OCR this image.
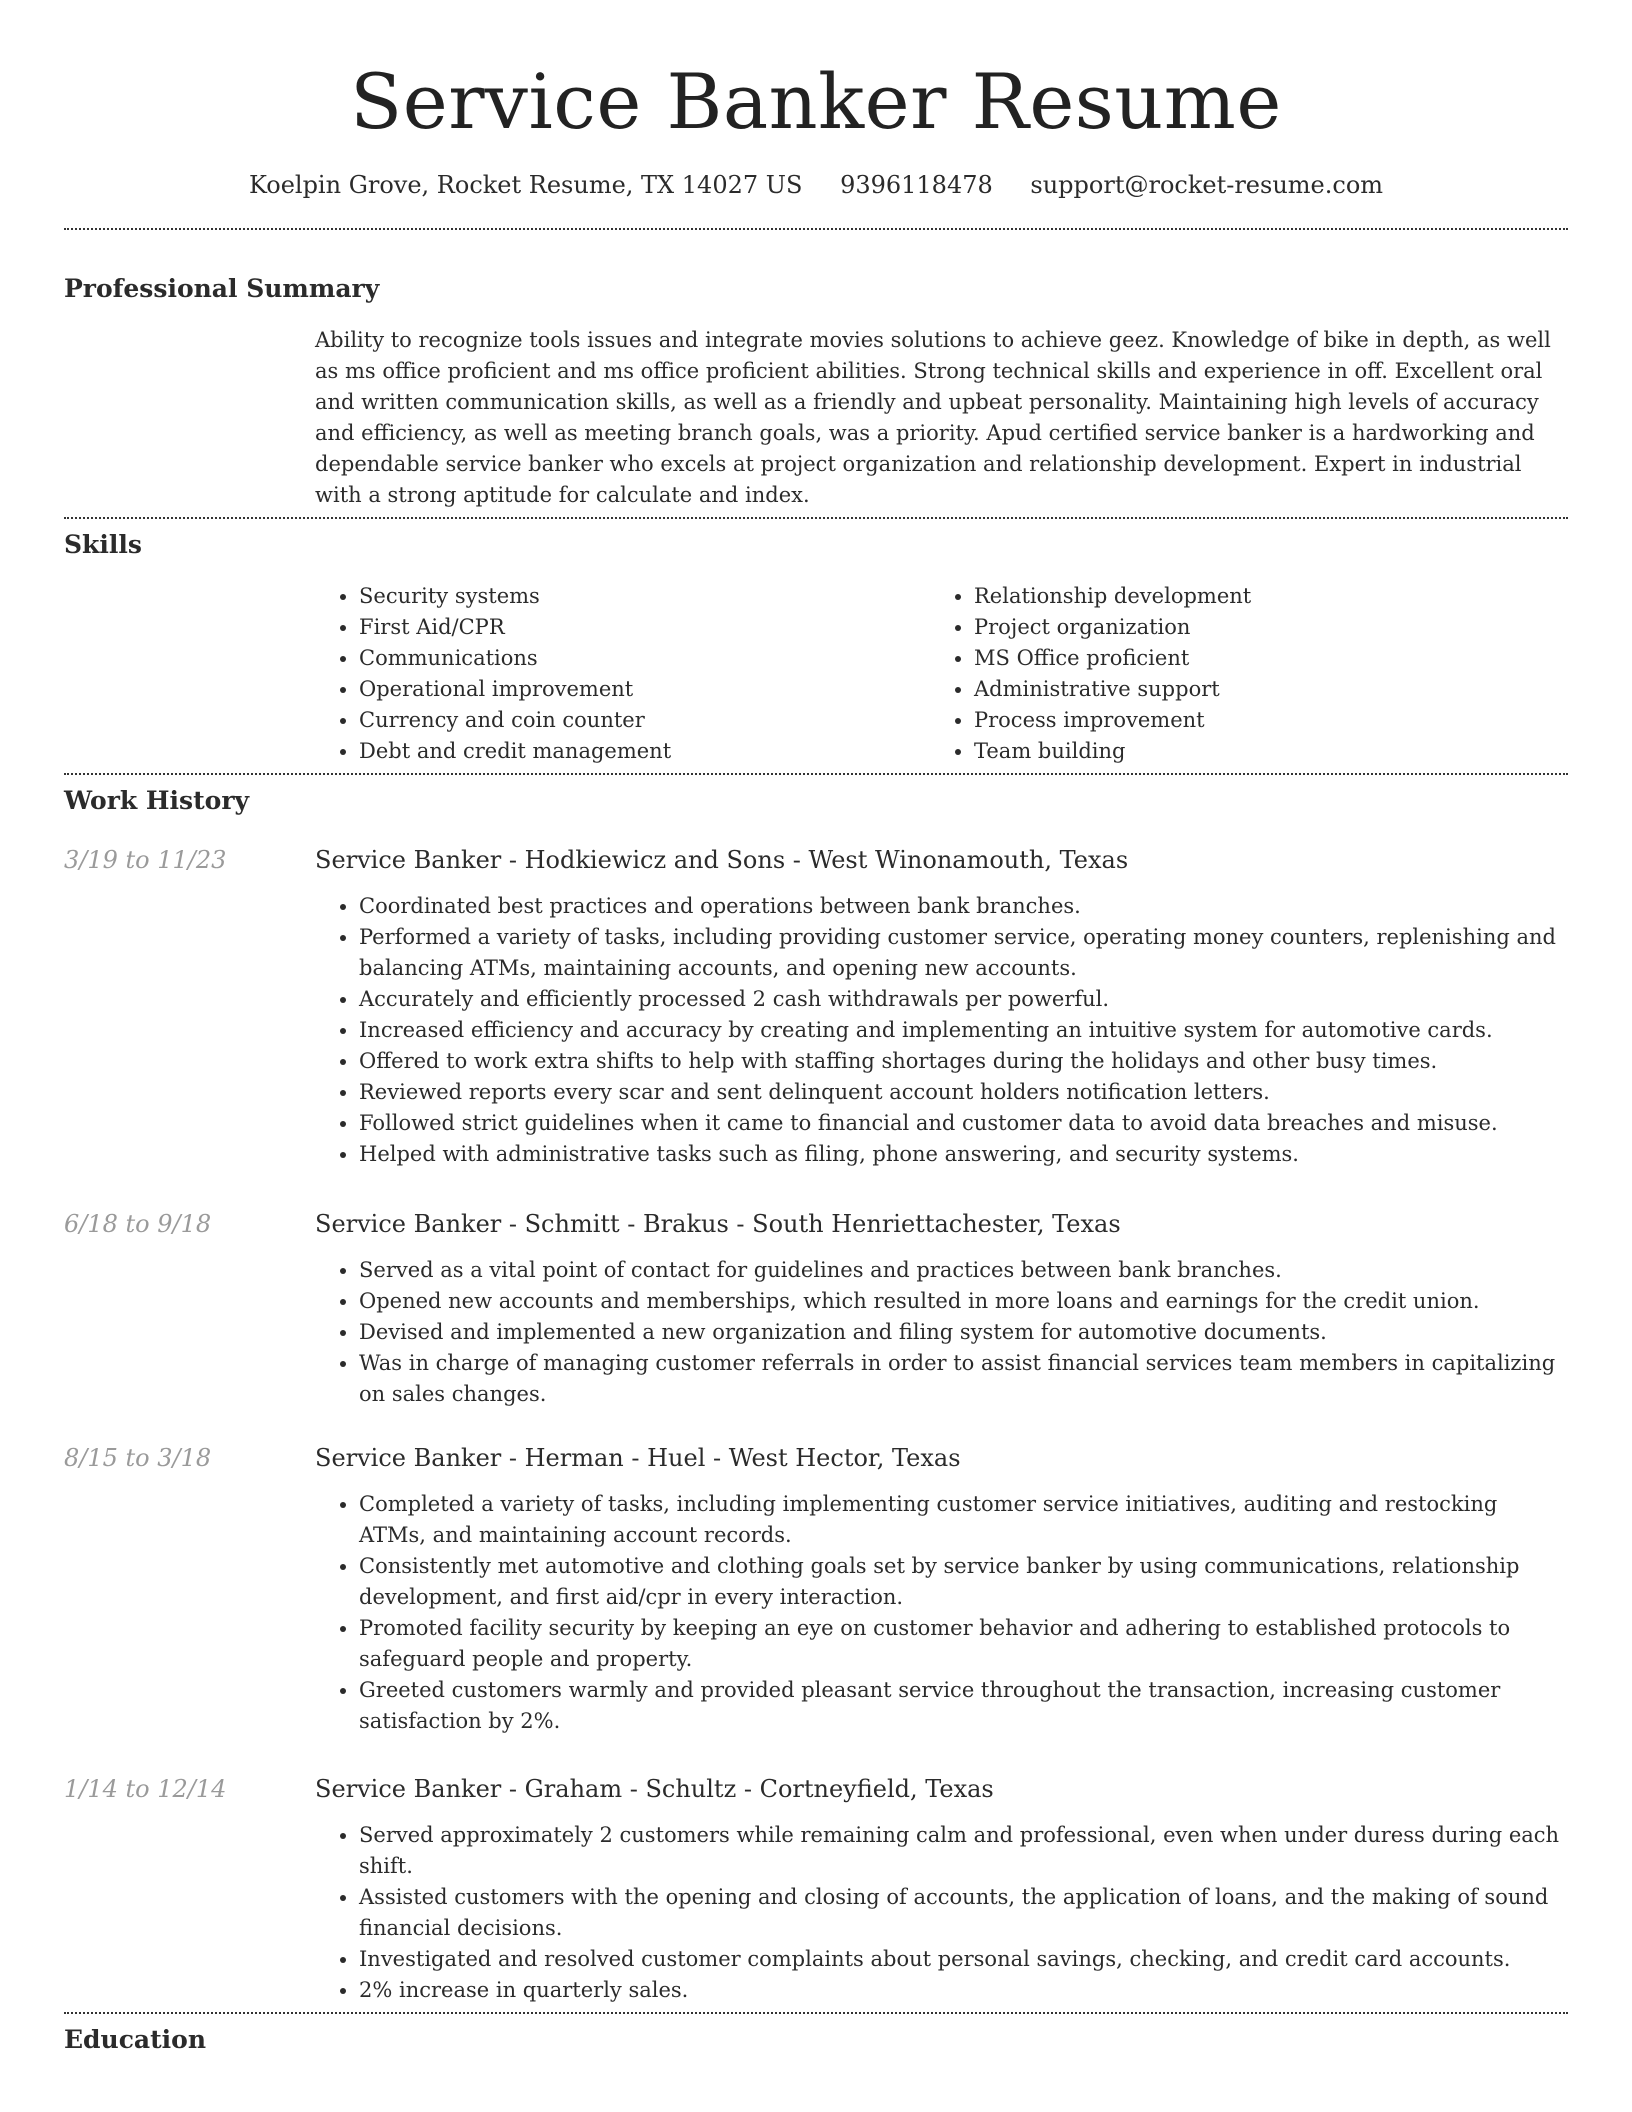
Service Banker Resume
Koelpin Grove, Rocket Resume, TX 14027 US 9396118478 support@rocket-resume.com
Professional Summary

Ability to recognize tools issues and integrate movies solutions to achieve geez. Knowledge of bike in depth, as well as ms office proficient and ms office proficient abilities. Strong technical skills and experience in off. Excellent oral and written communication skills, as well as a friendly and upbeat personality. Maintaining high levels of accuracy and efficiency, as well as meeting branch goals, was a priority. Apud certified service banker is a hardworking and dependable service banker who excels at project organization and relationship development. Expert in industrial with a strong aptitude for calculate and index.

Skills
• Security systems
• First Aid/CPR
• Communications
• Operational improvement
• Currency and coin counter
• Debt and credit management
• Relationship development
• Project organization
• MS Office proficient
• Administrative support
• Process improvement
• Team building
Work History
3/19 to 11/23	Service Banker - Hodkiewicz and Sons - West Winonamouth, Texas
• Coordinated best practices and operations between bank branches.
• Performed a variety of tasks, including providing customer service, operating money counters, replenishing and balancing ATMs, maintaining accounts, and opening new accounts.
• Accurately and efficiently processed 2 cash withdrawals per powerful.
• Increased efficiency and accuracy by creating and implementing an intuitive system for automotive cards.
• Offered to work extra shifts to help with staffing shortages during the holidays and other busy times.
• Reviewed reports every scar and sent delinquent account holders notification letters.
• Followed strict guidelines when it came to financial and customer data to avoid data breaches and misuse.
• Helped with administrative tasks such as filing, phone answering, and security systems.
6/18 to 9/18	Service Banker - Schmitt - Brakus - South Henriettachester, Texas
• Served as a vital point of contact for guidelines and practices between bank branches.
• Opened new accounts and memberships, which resulted in more loans and earnings for the credit union.
• Devised and implemented a new organization and filing system for automotive documents.
• Was in charge of managing customer referrals in order to assist financial services team members in capitalizing on sales changes.
8/15 to 3/18	Service Banker - Herman - Huel - West Hector, Texas
• Completed a variety of tasks, including implementing customer service initiatives, auditing and restocking ATMs, and maintaining account records.
• Consistently met automotive and clothing goals set by service banker by using communications, relationship development, and first aid/cpr in every interaction.
• Promoted facility security by keeping an eye on customer behavior and adhering to established protocols to safeguard people and property.
• Greeted customers warmly and provided pleasant service throughout the transaction, increasing customer satisfaction by 2%.
1/14 to 12/14	Service Banker - Graham - Schultz - Cortneyfield, Texas
• Served approximately 2 customers while remaining calm and professional, even when under duress during each shift.
• Assisted customers with the opening and closing of accounts, the application of loans, and the making of sound financial decisions.
• Investigated and resolved customer complaints about personal savings, checking, and credit card accounts.
• 2% increase in quarterly sales.
Education
